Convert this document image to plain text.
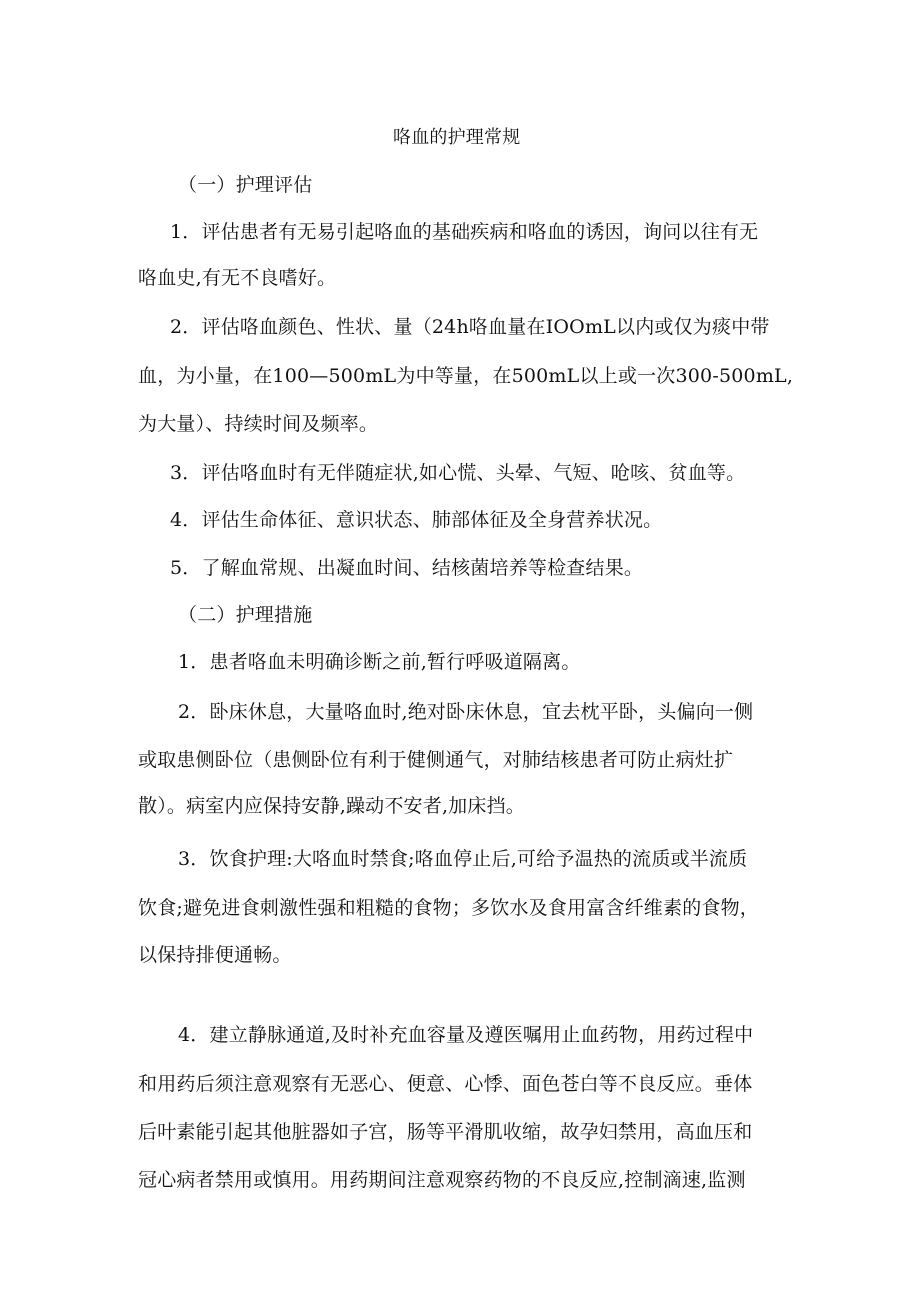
咯血的护理常规
（一）护理评估
1．评估患者有无易引起咯血的基础疾病和咯血的诱因，询问以往有无
咯血史,有无不良嗜好。
2．评估咯血颜色、性状、量（24h咯血量在IOOmL以内或仅为痰中带
血，为小量，在100—500mL为中等量，在500mL以上或一次300-500mL,
为大量）、持续时间及频率。
3．评估咯血时有无伴随症状,如心慌、头晕、气短、呛咳、贫血等。
4．评估生命体征、意识状态、肺部体征及全身营养状况。
5．了解血常规、出凝血时间、结核菌培养等检查结果。
（二）护理措施
1．患者咯血未明确诊断之前,暂行呼吸道隔离。
2．卧床休息，大量咯血时,绝对卧床休息，宜去枕平卧，头偏向一侧
或取患侧卧位（患侧卧位有利于健侧通气，对肺结核患者可防止病灶扩
散）。病室内应保持安静,躁动不安者,加床挡。
3．饮食护理:大咯血时禁食;咯血停止后,可给予温热的流质或半流质
饮食;避免进食刺激性强和粗糙的食物；多饮水及食用富含纤维素的食物，
以保持排便通畅。
4．建立静脉通道,及时补充血容量及遵医嘱用止血药物，用药过程中
和用药后须注意观察有无恶心、便意、心悸、面色苍白等不良反应。垂体
后叶素能引起其他脏器如子宫，肠等平滑肌收缩，故孕妇禁用，高血压和
冠心病者禁用或慎用。用药期间注意观察药物的不良反应,控制滴速,监测
